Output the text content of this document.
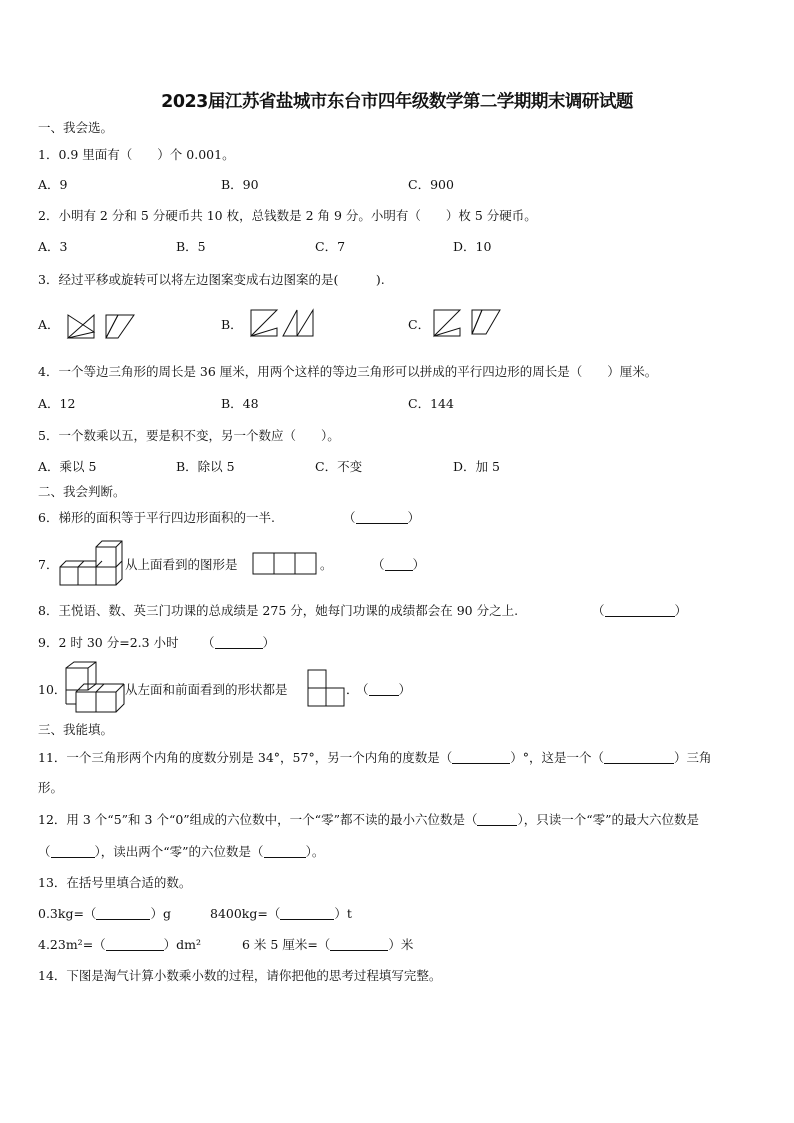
2023届江苏省盐城市东台市四年级数学第二学期期末调研试题
一、我会选。
1．0.9 里面有（　　）个 0.001。
A．9	B．90	C．900
2．小明有 2 分和 5 分硬币共 10 枚，总钱数是 2 角 9 分。小明有（　　）枚 5 分硬币。
A．3	B．5	C．7	D．10
3．经过平移或旋转可以将左边图案变成右边图案的是(　　　).
A．	B．	C．
4．一个等边三角形的周长是 36 厘米，用两个这样的等边三角形可以拼成的平行四边形的周长是（　　）厘米。
A．12	B．48	C．144
5．一个数乘以五，要是积不变，另一个数应（　　）。
A．乘以 5	B．除以 5	C．不变	D．加 5
二、我会判断。
6．梯形的面积等于平行四边形面积的一半.	（	）
7．	从上面看到的图形是	。	（ ）
8．王悦语、数、英三门功课的总成绩是 275 分，她每门功课的成绩都会在 90 分之上.	（	）
9．2 时 30 分=2.3 小时 （	）
10．	从左面和前面看到的形状都是	．
（ ）
三、我能填。
11．一个三角形两个内角的度数分别是 34°，57°，另一个内角的度数是（	）°，这是一个（	）三角
形。
12．用 3 个“5”和 3 个“0”组成的六位数中，一个“零”都不读的最小六位数是（	），只读一个“零”的最大六位数是
（	），读出两个“零”的六位数是（	）。
13．在括号里填合适的数。
0.3kg=（	）g	8400kg=（	）t
4.23m²=（	）dm²	6 米 5 厘米=（	）米
14．下图是淘气计算小数乘小数的过程，请你把他的思考过程填写完整。
